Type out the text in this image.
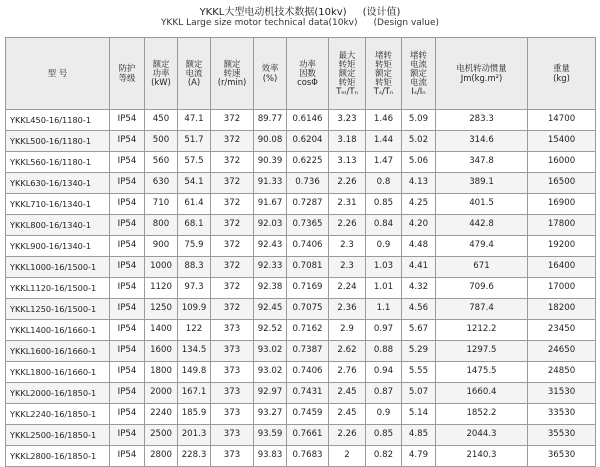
YKKL大型电动机技术数据(10kv) (设计值)
YKKL Large size motor technical data(10kv) (Design value)
型 号	防护
等级	额定
功率
(kW)	额定
电流
(A)	额定
转速
(r/min)	效率
(%)	功率
因数
cosΦ	最大
转矩
额定
转矩
Tₘ/Tₙ	堵转
转矩
额定
转矩
Tₛ/Tₙ	堵转
电流
额定
电流
Iₛ/Iₙ	电机转动惯量
Jm(kg.m²)	重量
(kg)

YKKL450-16/1180-1	IP54	450	47.1	372	89.77	0.6146	3.23	1.46	5.09	283.3	14700
YKKL500-16/1180-1	IP54	500	51.7	372	90.08	0.6204	3.18	1.44	5.02	314.6	15400
YKKL560-16/1180-1	IP54	560	57.5	372	90.39	0.6225	3.13	1.47	5.06	347.8	16000
YKKL630-16/1340-1	IP54	630	54.1	372	91.33	0.736	2.26	0.8	4.13	389.1	16500
YKKL710-16/1340-1	IP54	710	61.4	372	91.67	0.7287	2.31	0.85	4.25	401.5	16900
YKKL800-16/1340-1	IP54	800	68.1	372	92.03	0.7365	2.26	0.84	4.20	442.8	17800
YKKL900-16/1340-1	IP54	900	75.9	372	92.43	0.7406	2.3	0.9	4.48	479.4	19200
YKKL1000-16/1500-1	IP54	1000	88.3	372	92.33	0.7081	2.3	1.03	4.41	671	16400
YKKL1120-16/1500-1	IP54	1120	97.3	372	92.38	0.7169	2.24	1.01	4.32	709.6	17000
YKKL1250-16/1500-1	IP54	1250	109.9	372	92.45	0.7075	2.36	1.1	4.56	787.4	18200
YKKL1400-16/1660-1	IP54	1400	122	373	92.52	0.7162	2.9	0.97	5.67	1212.2	23450
YKKL1600-16/1660-1	IP54	1600	134.5	373	93.02	0.7387	2.62	0.88	5.29	1297.5	24650
YKKL1800-16/1660-1	IP54	1800	149.8	373	93.02	0.7406	2.76	0.94	5.55	1475.5	24850
YKKL2000-16/1850-1	IP54	2000	167.1	373	92.97	0.7431	2.45	0.87	5.07	1660.4	31530
YKKL2240-16/1850-1	IP54	2240	185.9	373	93.27	0.7459	2.45	0.9	5.14	1852.2	33530
YKKL2500-16/1850-1	IP54	2500	201.3	373	93.59	0.7661	2.26	0.85	4.85	2044.3	35530
YKKL2800-16/1850-1	IP54	2800	228.3	373	93.83	0.7683	2	0.82	4.79	2140.3	36530
